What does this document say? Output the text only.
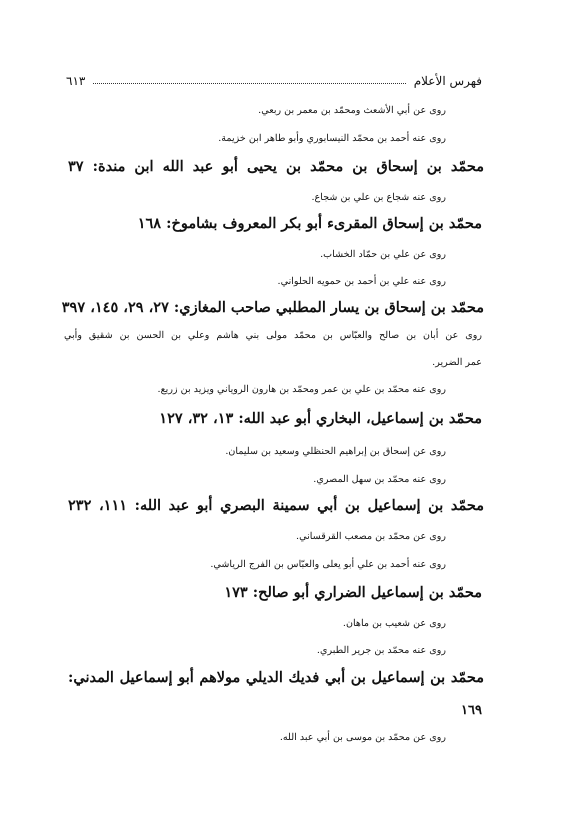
فهرس الأعلام
٦١٣
روى عن أبي الأشعث ومحمّد بن معمر بن ربعي.
روى عنه أحمد بن محمّد النيسابوري وأبو طاهر ابن خزيمة.
محمّد بن إسحاق بن محمّد بن يحيى أبو عبد الله ابن مندة: ٣٧
روى عنه شجاع بن علي بن شجاع.
محمّد بن إسحاق المقرىء أبو بكر المعروف بشاموخ: ١٦٨
روى عن علي بن حمّاد الخشاب.
روى عنه علي بن أحمد بن حمويه الحلواني.
محمّد بن إسحاق بن يسار المطلبي صاحب المغازي: ٢٧، ٢٩، ١٤٥، ٣٩٧
روى عن أبان بن صالح والعبّاس بن محمّد مولى بني هاشم وعلي بن الحسن بن شقيق وأبي
عمر الضرير.
روى عنه محمّد بن علي بن عمر ومحمّد بن هارون الروياني ويزيد بن زريع.
محمّد بن إسماعيل، البخاري أبو عبد الله: ١٣، ٣٢، ١٢٧
روى عن إسحاق بن إبراهيم الحنظلي وسعيد بن سليمان.
روى عنه محمّد بن سهل المصري.
محمّد بن إسماعيل بن أبي سمينة البصري أبو عبد الله: ١١١، ٢٣٢
روى عن محمّد بن مصعب القرقساني.
روى عنه أحمد بن علي أبو يعلى والعبّاس بن الفرج الرياشي.
محمّد بن إسماعيل الضراري أبو صالح: ١٧٣
روى عن شعيب بن ماهان.
روى عنه محمّد بن جرير الطبري.
محمّد بن إسماعيل بن أبي فديك الديلي مولاهم أبو إسماعيل المدني:
١٦٩
روى عن محمّد بن موسى بن أبي عبد الله.
